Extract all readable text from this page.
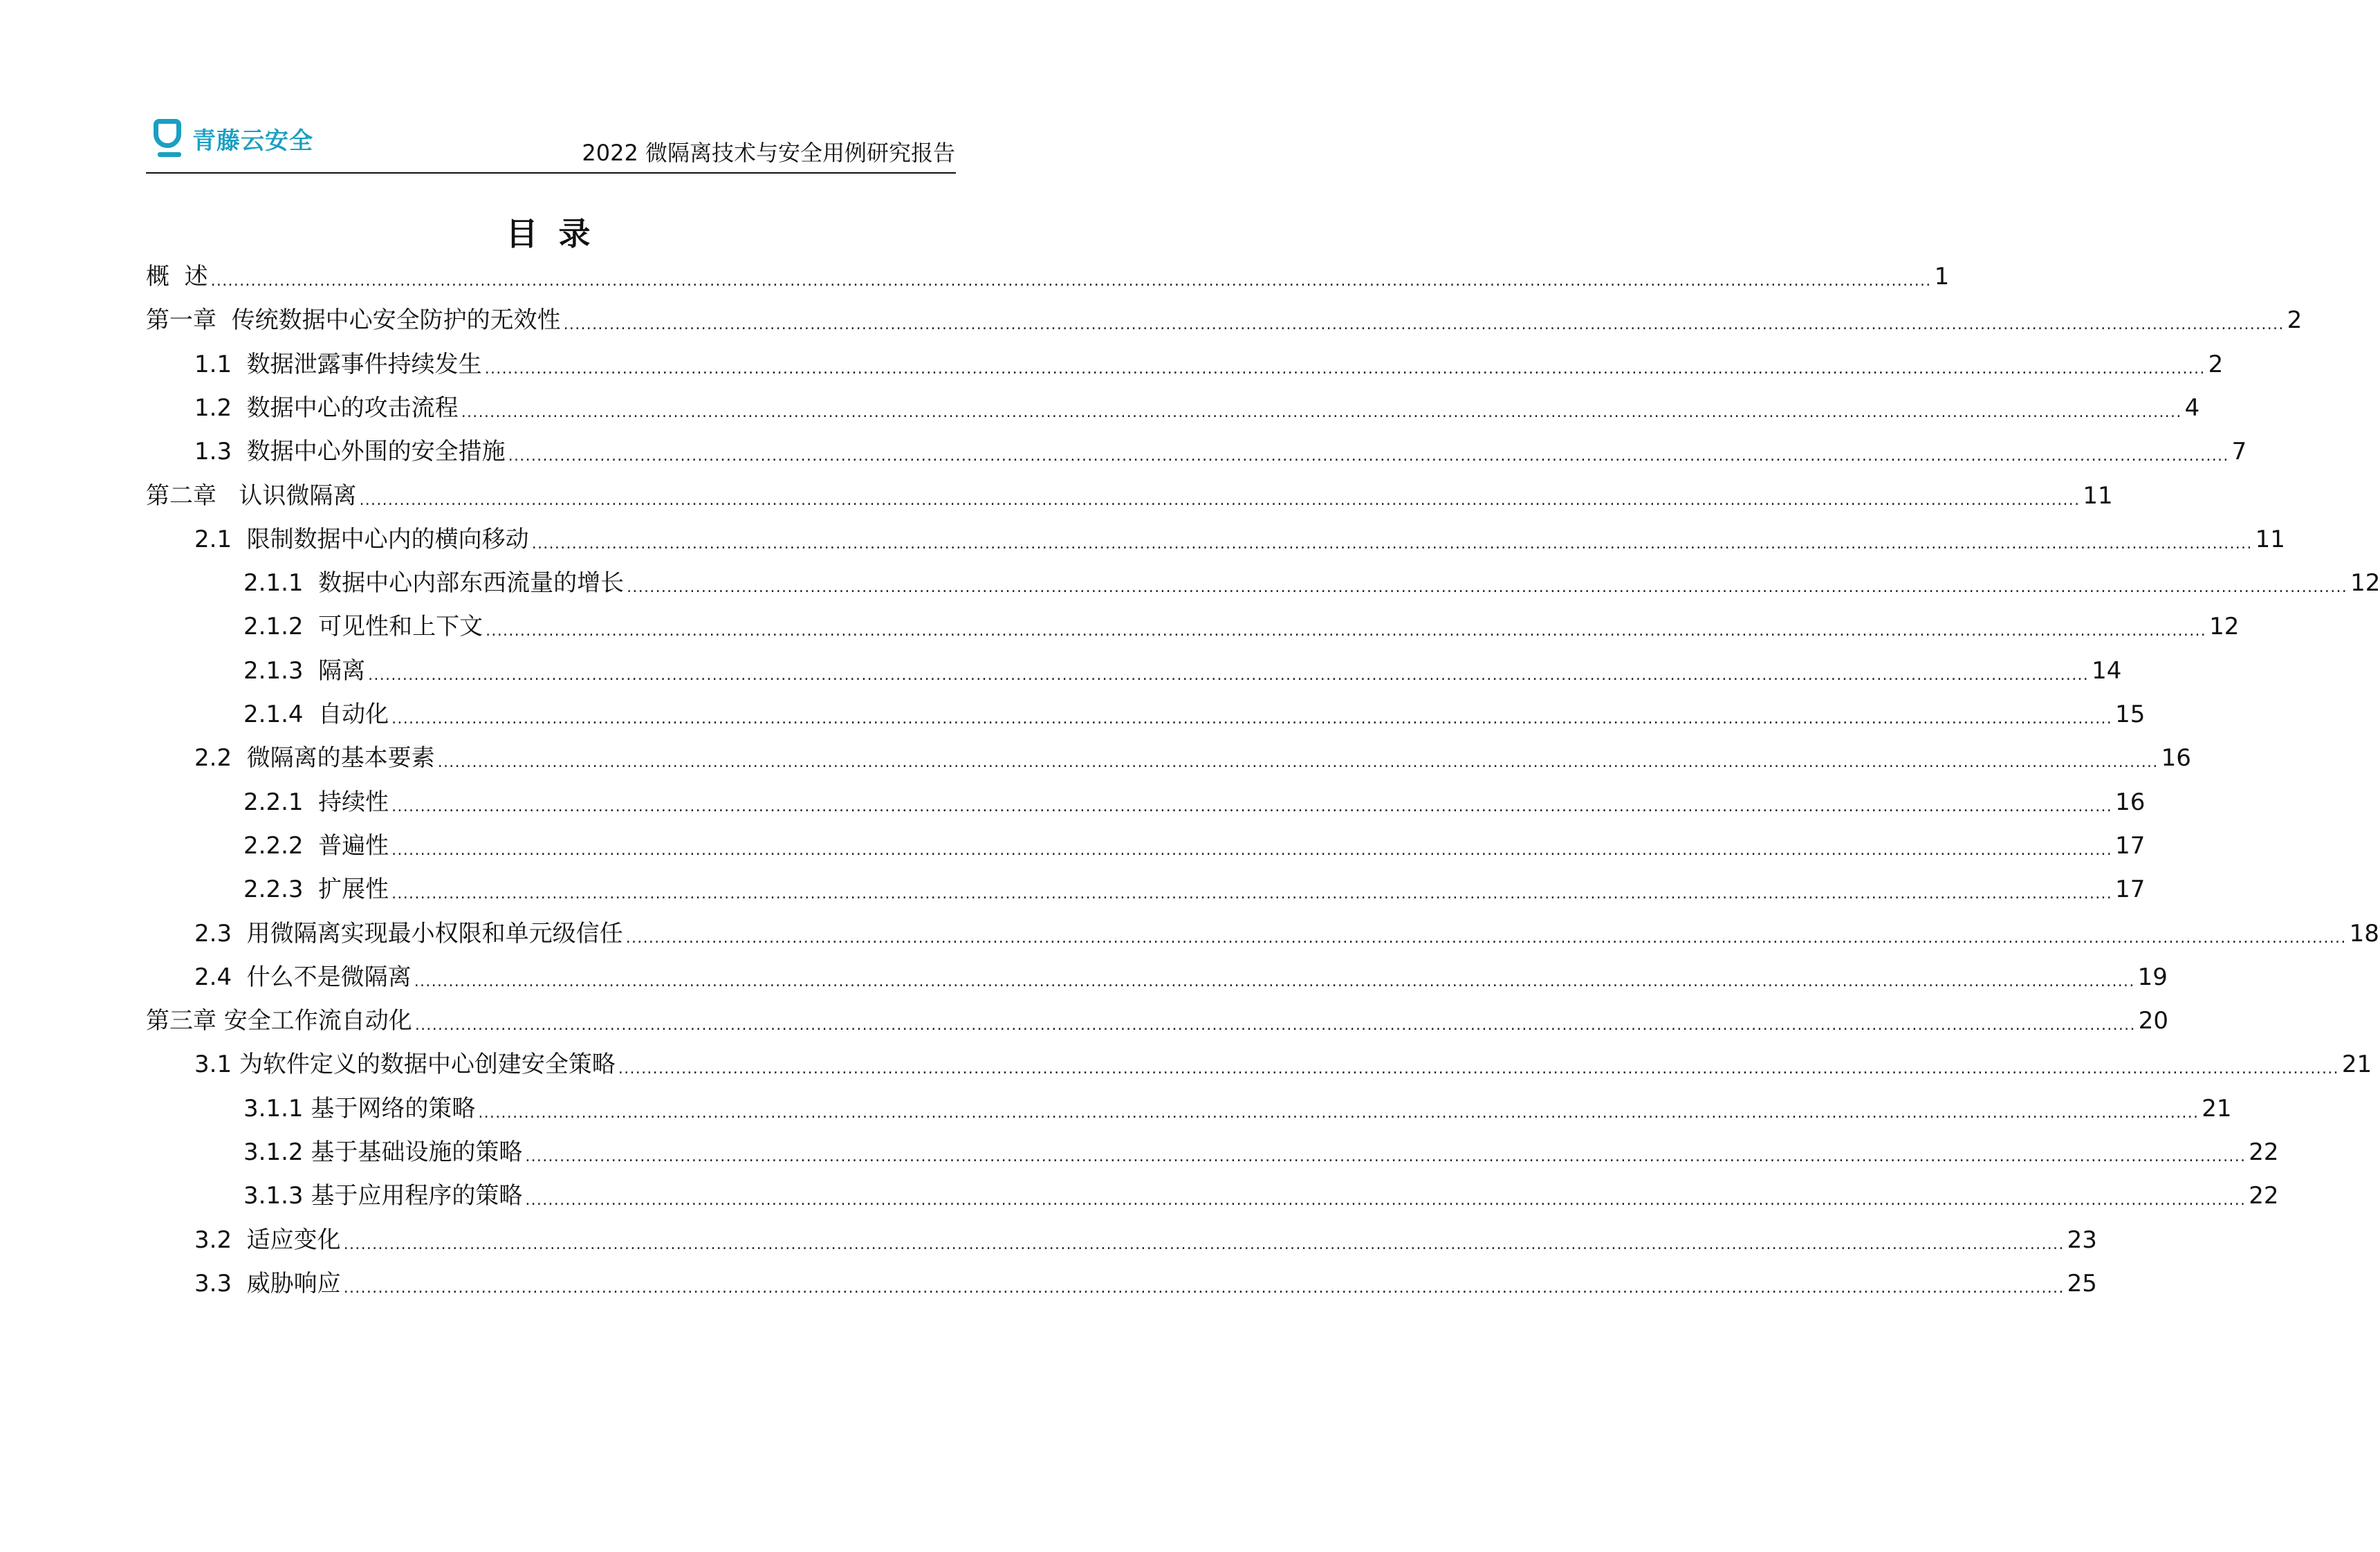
青藤云安全	2022 微隔离技术与安全用例研究报告
目录
概  述 ............................................................................................................................................................................................................................................................................................................ 1
第一章  传统数据中心安全防护的无效性 ............................................................................................................................................................................................................................................................................................................ 2
1.1  数据泄露事件持续发生 ............................................................................................................................................................................................................................................................................................................ 2
1.2  数据中心的攻击流程 ............................................................................................................................................................................................................................................................................................................ 4
1.3  数据中心外围的安全措施 ............................................................................................................................................................................................................................................................................................................ 7
第二章   认识微隔离 ............................................................................................................................................................................................................................................................................................................ 11
2.1  限制数据中心内的横向移动 ............................................................................................................................................................................................................................................................................................................ 11
2.1.1  数据中心内部东西流量的增长 ............................................................................................................................................................................................................................................................................................................ 12
2.1.2  可见性和上下文 ............................................................................................................................................................................................................................................................................................................ 12
2.1.3  隔离 ............................................................................................................................................................................................................................................................................................................ 14
2.1.4  自动化 ............................................................................................................................................................................................................................................................................................................ 15
2.2  微隔离的基本要素 ............................................................................................................................................................................................................................................................................................................ 16
2.2.1  持续性 ............................................................................................................................................................................................................................................................................................................ 16
2.2.2  普遍性 ............................................................................................................................................................................................................................................................................................................ 17
2.2.3  扩展性 ............................................................................................................................................................................................................................................................................................................ 17
2.3  用微隔离实现最小权限和单元级信任 ............................................................................................................................................................................................................................................................................................................ 18
2.4  什么不是微隔离 ............................................................................................................................................................................................................................................................................................................ 19
第三章 安全工作流自动化 ............................................................................................................................................................................................................................................................................................................ 20
3.1 为软件定义的数据中心创建安全策略 ............................................................................................................................................................................................................................................................................................................ 21
3.1.1 基于网络的策略 ............................................................................................................................................................................................................................................................................................................ 21
3.1.2 基于基础设施的策略 ............................................................................................................................................................................................................................................................................................................ 22
3.1.3 基于应用程序的策略 ............................................................................................................................................................................................................................................................................................................ 22
3.2  适应变化 ............................................................................................................................................................................................................................................................................................................ 23
3.3  威胁响应 ............................................................................................................................................................................................................................................................................................................ 25
